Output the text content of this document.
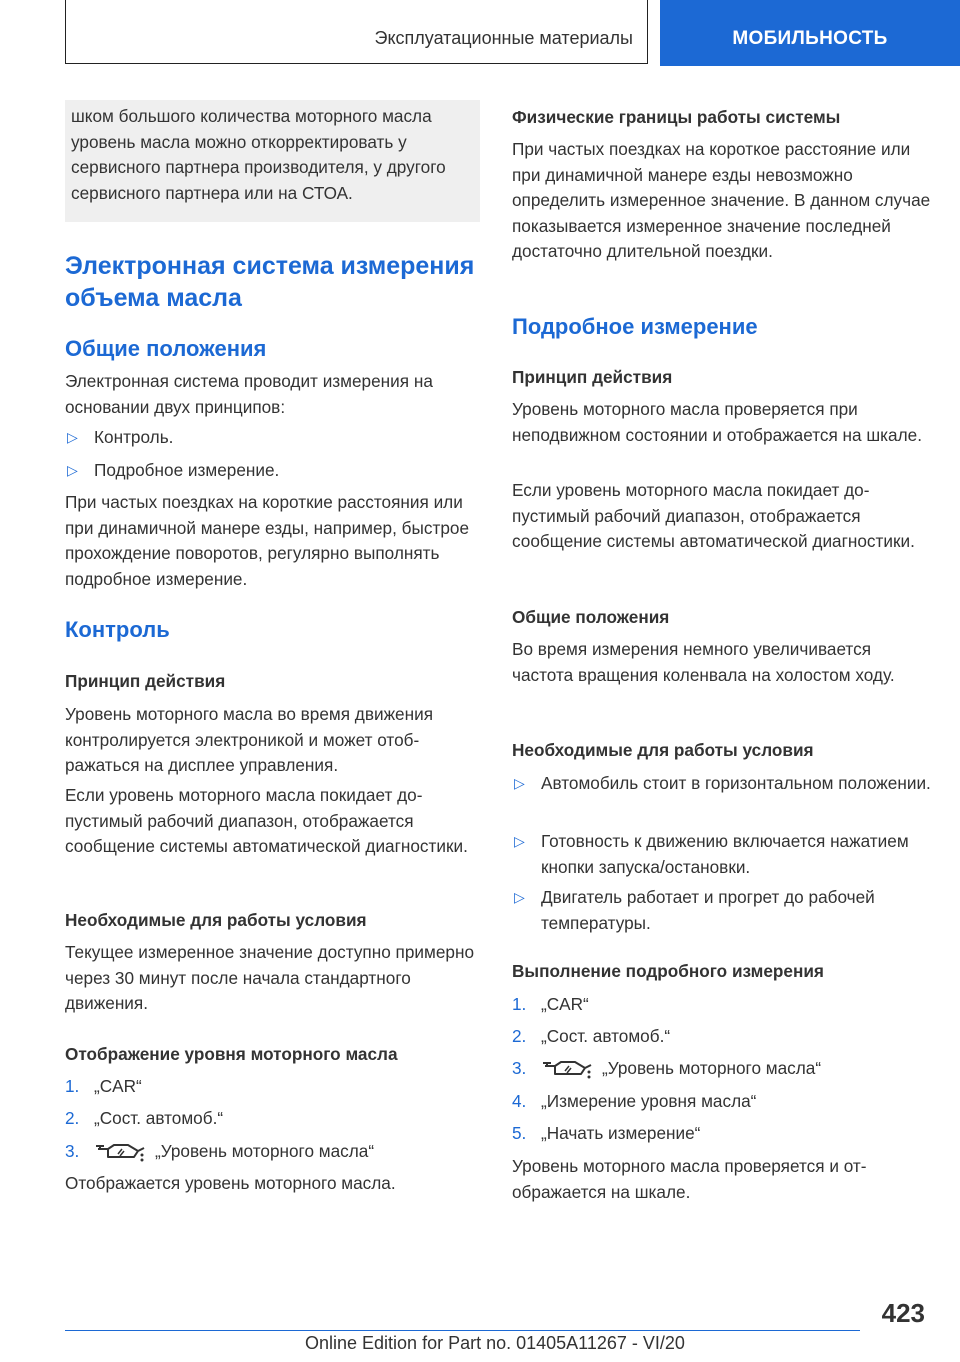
Эксплуатационные материалы	МОБИЛЬНОСТЬ
шком большого количества моторного масла уровень масла можно откорректировать у сервисного партнера производителя, у другого сервисного партнера или на СТОА.
Электронная система измерения объема масла
Общие положения
Электронная система проводит измерения на основании двух принципов:
▷ Контроль.
▷ Подробное измерение.
При частых поездках на короткие расстояния или при динамичной манере езды, например, быстрое прохождение поворотов, регулярно выполнять подробное измерение.
Контроль
Принцип действия
Уровень моторного масла во время движения контролируется электроникой и может отображаться на дисплее управления.
Если уровень моторного масла покидает допустимый рабочий диапазон, отображается сообщение системы автоматической диагностики.
Необходимые для работы условия
Текущее измеренное значение доступно примерно через 30 минут после начала стандартного движения.
Отображение уровня моторного масла
1. „CAR“
2. „Сост. автомоб.“
3.	„Уровень моторного масла“
Отображается уровень моторного масла.
Физические границы работы системы
При частых поездках на короткое расстояние или при динамичной манере езды невозможно определить измеренное значение. В данном случае показывается измеренное значение последней достаточно длительной поездки.
Подробное измерение
Принцип действия
Уровень моторного масла проверяется при неподвижном состоянии и отображается на шкале.
Если уровень моторного масла покидает допустимый рабочий диапазон, отображается сообщение системы автоматической диагностики.
Общие положения
Во время измерения немного увеличивается частота вращения коленвала на холостом ходу.
Необходимые для работы условия
▷ Автомобиль стоит в горизонтальном положении.
▷ Готовность к движению включается нажатием кнопки запуска/остановки.
▷ Двигатель работает и прогрет до рабочей температуры.
Выполнение подробного измерения
1. „CAR“
2. „Сост. автомоб.“
3.	„Уровень моторного масла“
4. „Измерение уровня масла“
5. „Начать измерение“
Уровень моторного масла проверяется и отображается на шкале.
423
Online Edition for Part no. 01405A11267 - VI/20
